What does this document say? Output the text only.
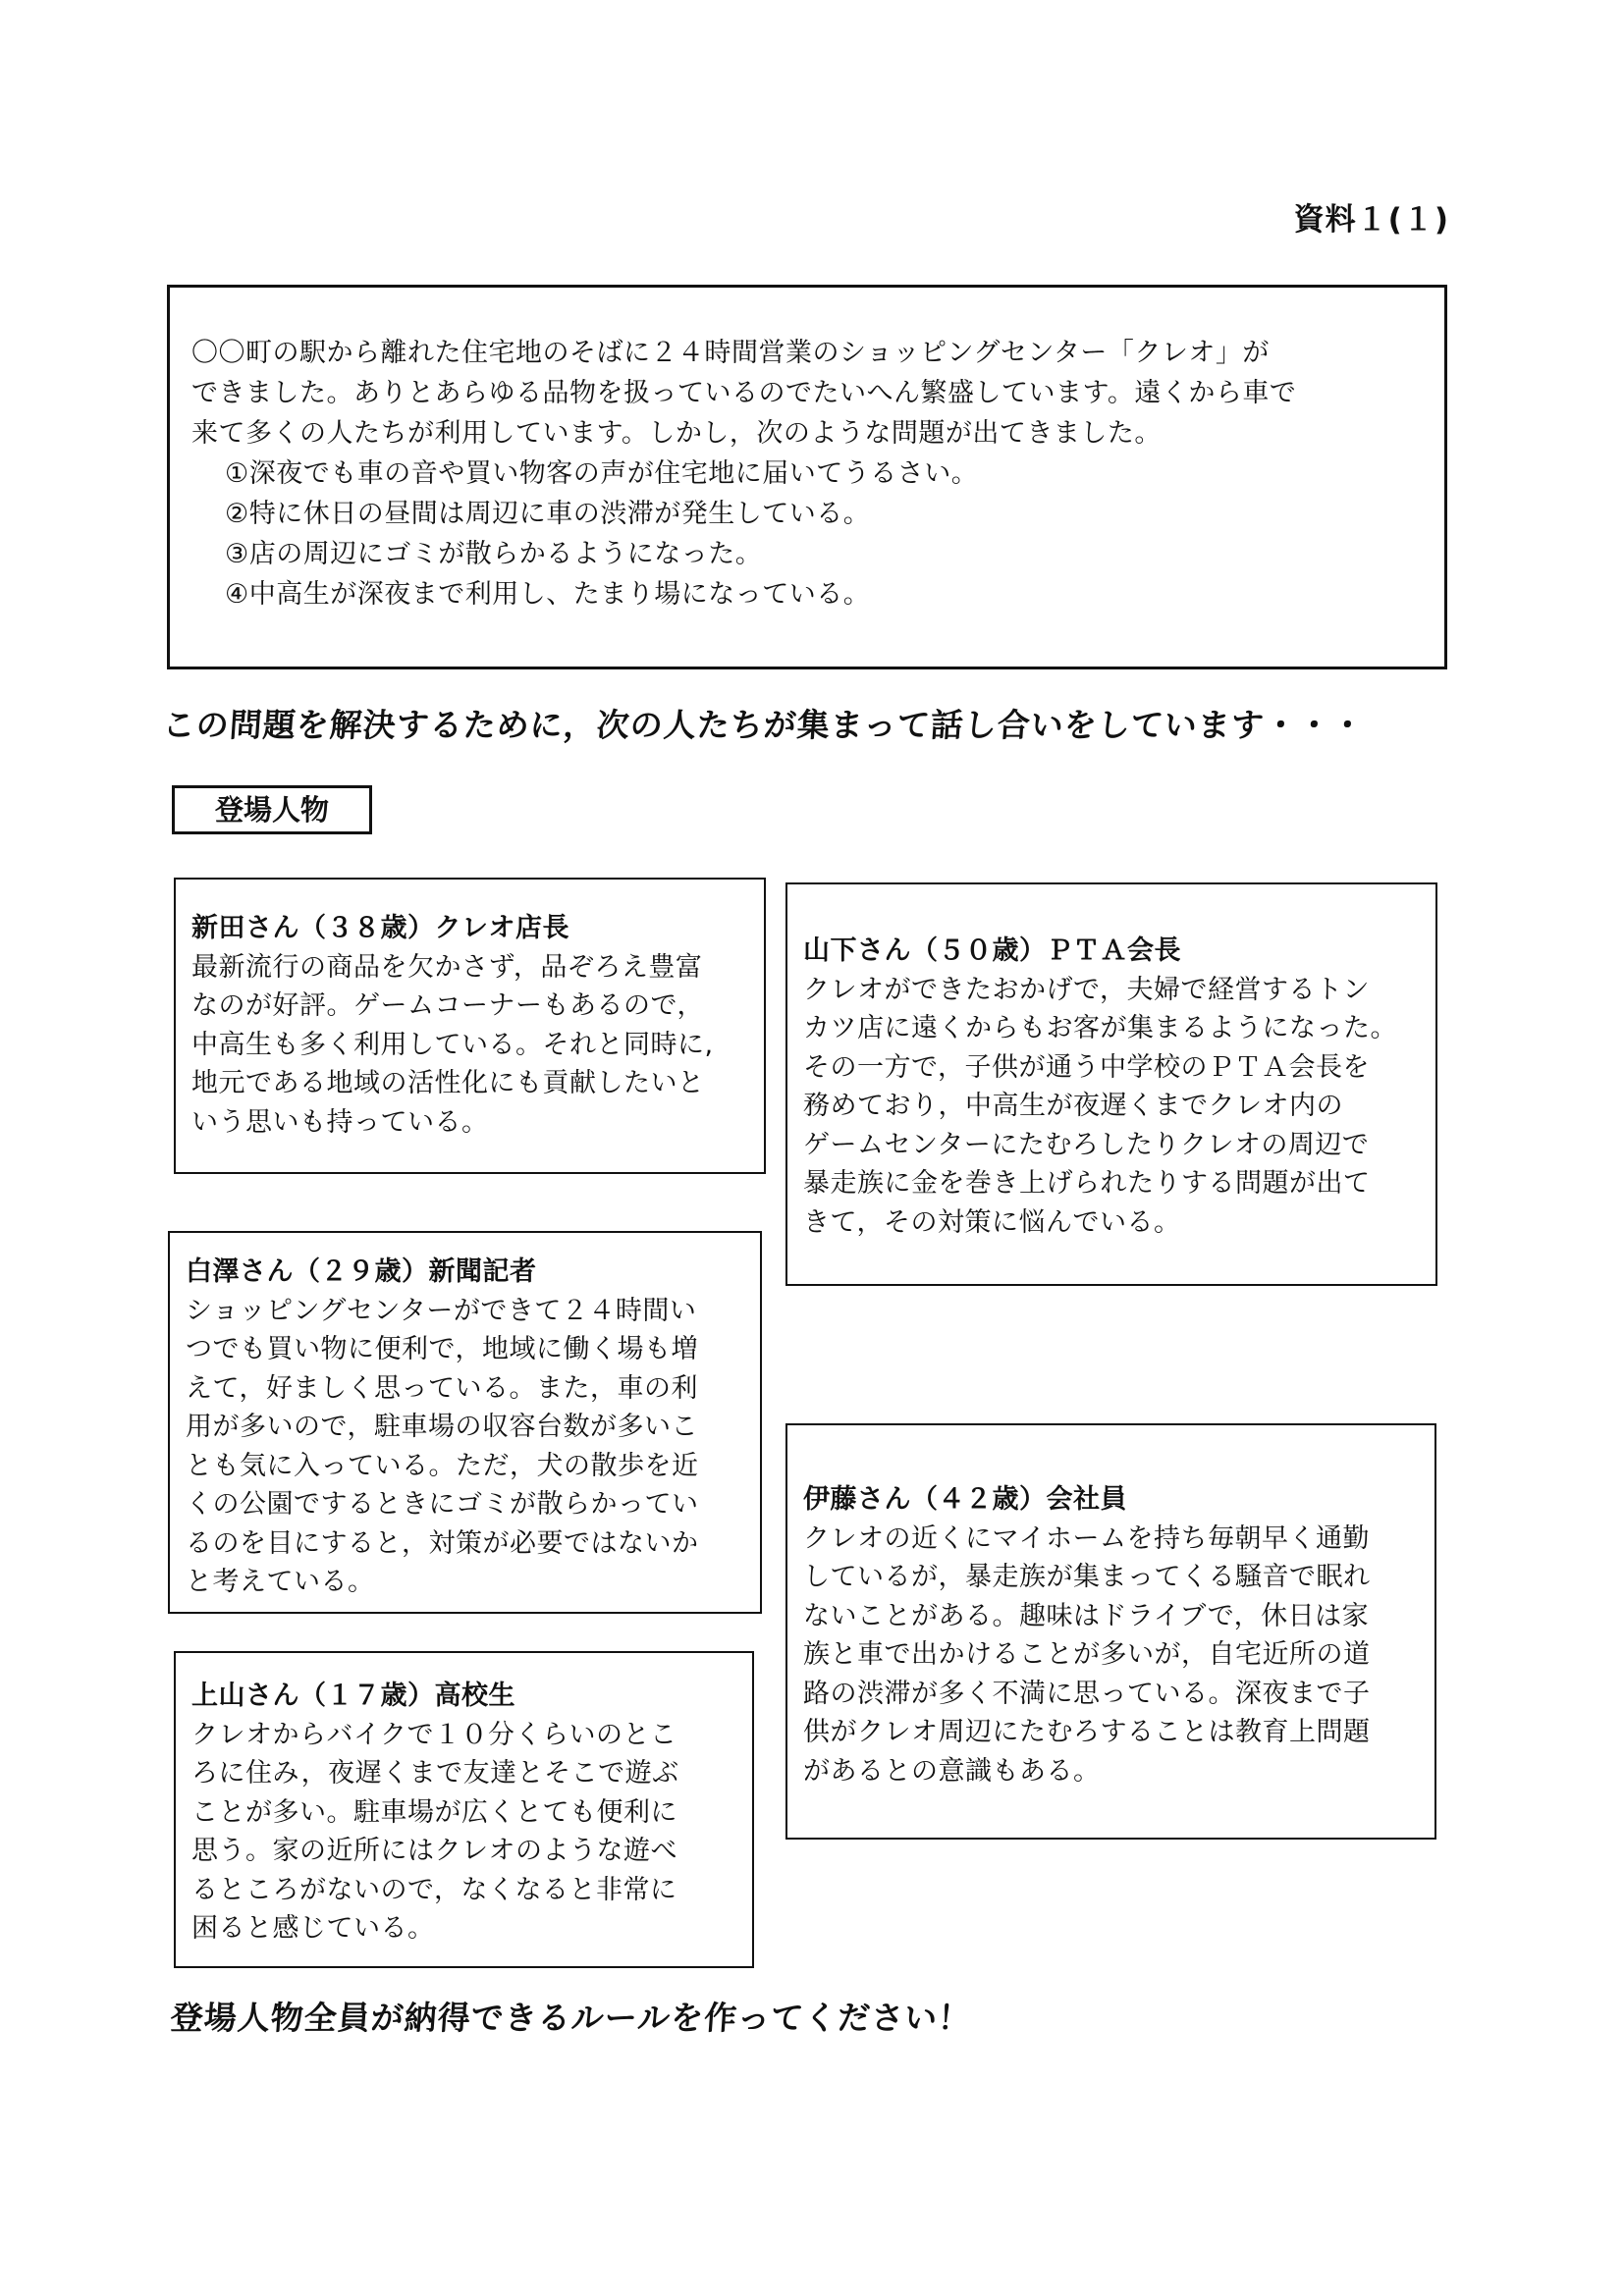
資料１(１)

〇〇町の駅から離れた住宅地のそばに２４時間営業のショッピングセンター「クレオ」が

できました。ありとあらゆる品物を扱っているのでたいへん繁盛しています。遠くから車で

来て多くの人たちが利用しています。しかし，次のような問題が出てきました。

①深夜でも車の音や買い物客の声が住宅地に届いてうるさい。

②特に休日の昼間は周辺に車の渋滞が発生している。

③店の周辺にゴミが散らかるようになった。

④中高生が深夜まで利用し、たまり場になっている。

この問題を解決するために，次の人たちが集まって話し合いをしています・・・
登場人物

新田さん（３８歳）クレオ店長

最新流行の商品を欠かさず，品ぞろえ豊富

なのが好評。ゲームコーナーもあるので，

中高生も多く利用している。それと同時に,

地元である地域の活性化にも貢献したいと

いう思いも持っている。

山下さん（５０歳）ＰＴＡ会長

クレオができたおかげで，夫婦で経営するトン

カツ店に遠くからもお客が集まるようになった。

その一方で，子供が通う中学校のＰＴＡ会長を

務めており，中高生が夜遅くまでクレオ内の

ゲームセンターにたむろしたりクレオの周辺で

暴走族に金を巻き上げられたりする問題が出て

きて，その対策に悩んでいる。

白澤さん（２９歳）新聞記者

ショッピングセンターができて２４時間い

つでも買い物に便利で，地域に働く場も増

えて，好ましく思っている。また，車の利

用が多いので，駐車場の収容台数が多いこ

とも気に入っている。ただ，犬の散歩を近

くの公園でするときにゴミが散らかってい

るのを目にすると，対策が必要ではないか

と考えている。

伊藤さん（４２歳）会社員

クレオの近くにマイホームを持ち毎朝早く通勤

しているが，暴走族が集まってくる騒音で眠れ

ないことがある。趣味はドライブで，休日は家

族と車で出かけることが多いが，自宅近所の道

路の渋滞が多く不満に思っている。深夜まで子

供がクレオ周辺にたむろすることは教育上問題

があるとの意識もある。

上山さん（１７歳）高校生

クレオからバイクで１０分くらいのとこ

ろに住み，夜遅くまで友達とそこで遊ぶ

ことが多い。駐車場が広くとても便利に

思う。家の近所にはクレオのような遊べ

るところがないので，なくなると非常に

困ると感じている。

登場人物全員が納得できるルールを作ってください！
